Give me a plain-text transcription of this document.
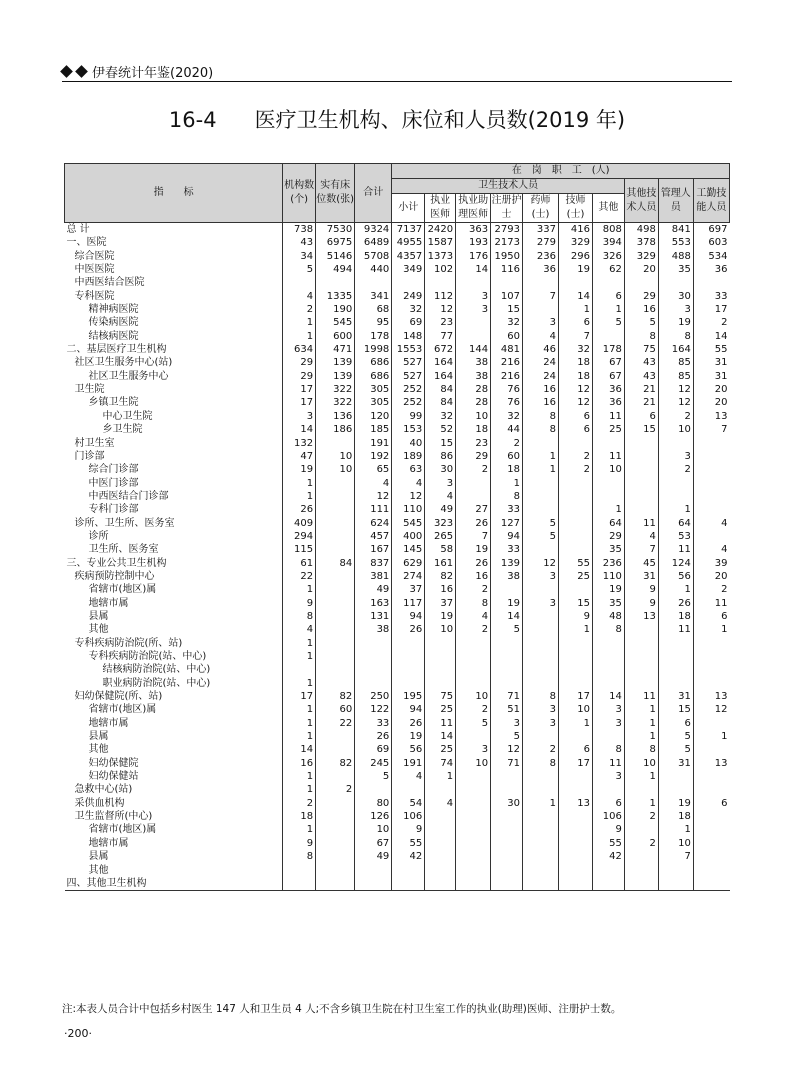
伊春统计年鉴(2020)
16-4 医疗卫生机构、床位和人员数(2019 年)
指　　标	机构数(个)	实有床位数(张)	合计	在　岗　职　工　(人)									
				卫生技术人员							其他技术人员	管理人员	工勤技能人员
				小计	执业医师	执业助理医师	注册护士	药师(士)	技师(士)	其他			

总 计	738	7530	9324	7137	2420	363	2793	337	416	808	498	841	697
一、医院	43	6975	6489	4955	1587	193	2173	279	329	394	378	553	603
综合医院	34	5146	5708	4357	1373	176	1950	236	296	326	329	488	534
中医医院	5	494	440	349	102	14	116	36	19	62	20	35	36
中西医结合医院													
专科医院	4	1335	341	249	112	3	107	7	14	6	29	30	33
精神病医院	2	190	68	32	12	3	15		1	1	16	3	17
传染病医院	1	545	95	69	23		32	3	6	5	5	19	2
结核病医院	1	600	178	148	77		60	4	7		8	8	14
二、基层医疗卫生机构	634	471	1998	1553	672	144	481	46	32	178	75	164	55
社区卫生服务中心(站)	29	139	686	527	164	38	216	24	18	67	43	85	31
社区卫生服务中心	29	139	686	527	164	38	216	24	18	67	43	85	31
卫生院	17	322	305	252	84	28	76	16	12	36	21	12	20
乡镇卫生院	17	322	305	252	84	28	76	16	12	36	21	12	20
中心卫生院	3	136	120	99	32	10	32	8	6	11	6	2	13
乡卫生院	14	186	185	153	52	18	44	8	6	25	15	10	7
村卫生室	132		191	40	15	23	2						
门诊部	47	10	192	189	86	29	60	1	2	11		3	
综合门诊部	19	10	65	63	30	2	18	1	2	10		2	
中医门诊部	1		4	4	3		1						
中西医结合门诊部	1		12	12	4		8						
专科门诊部	26		111	110	49	27	33			1		1	
诊所、卫生所、医务室	409		624	545	323	26	127	5		64	11	64	4
诊所	294		457	400	265	7	94	5		29	4	53	
卫生所、医务室	115		167	145	58	19	33			35	7	11	4
三、专业公共卫生机构	61	84	837	629	161	26	139	12	55	236	45	124	39
疾病预防控制中心	22		381	274	82	16	38	3	25	110	31	56	20
省辖市(地区)属	1		49	37	16	2				19	9	1	2
地辖市属	9		163	117	37	8	19	3	15	35	9	26	11
县属	8		131	94	19	4	14		9	48	13	18	6
其他	4		38	26	10	2	5		1	8		11	1
专科疾病防治院(所、站)	1												
专科疾病防治院(站、中心)	1												
结核病防治院(站、中心)													
职业病防治院(站、中心)	1												
妇幼保健院(所、站)	17	82	250	195	75	10	71	8	17	14	11	31	13
省辖市(地区)属	1	60	122	94	25	2	51	3	10	3	1	15	12
地辖市属	1	22	33	26	11	5	3	3	1	3	1	6	
县属	1		26	19	14		5				1	5	1
其他	14		69	56	25	3	12	2	6	8	8	5	
妇幼保健院	16	82	245	191	74	10	71	8	17	11	10	31	13
妇幼保健站	1		5	4	1					3	1		
急救中心(站)	1	2											
采供血机构	2		80	54	4		30	1	13	6	1	19	6
卫生监督所(中心)	18		126	106						106	2	18	
省辖市(地区)属	1		10	9						9		1	
地辖市属	9		67	55						55	2	10	
县属	8		49	42						42		7	
其他													
四、其他卫生机构													
注:本表人员合计中包括乡村医生 147 人和卫生员 4 人;不含乡镇卫生院在村卫生室工作的执业(助理)医师、注册护士数。
·200·
